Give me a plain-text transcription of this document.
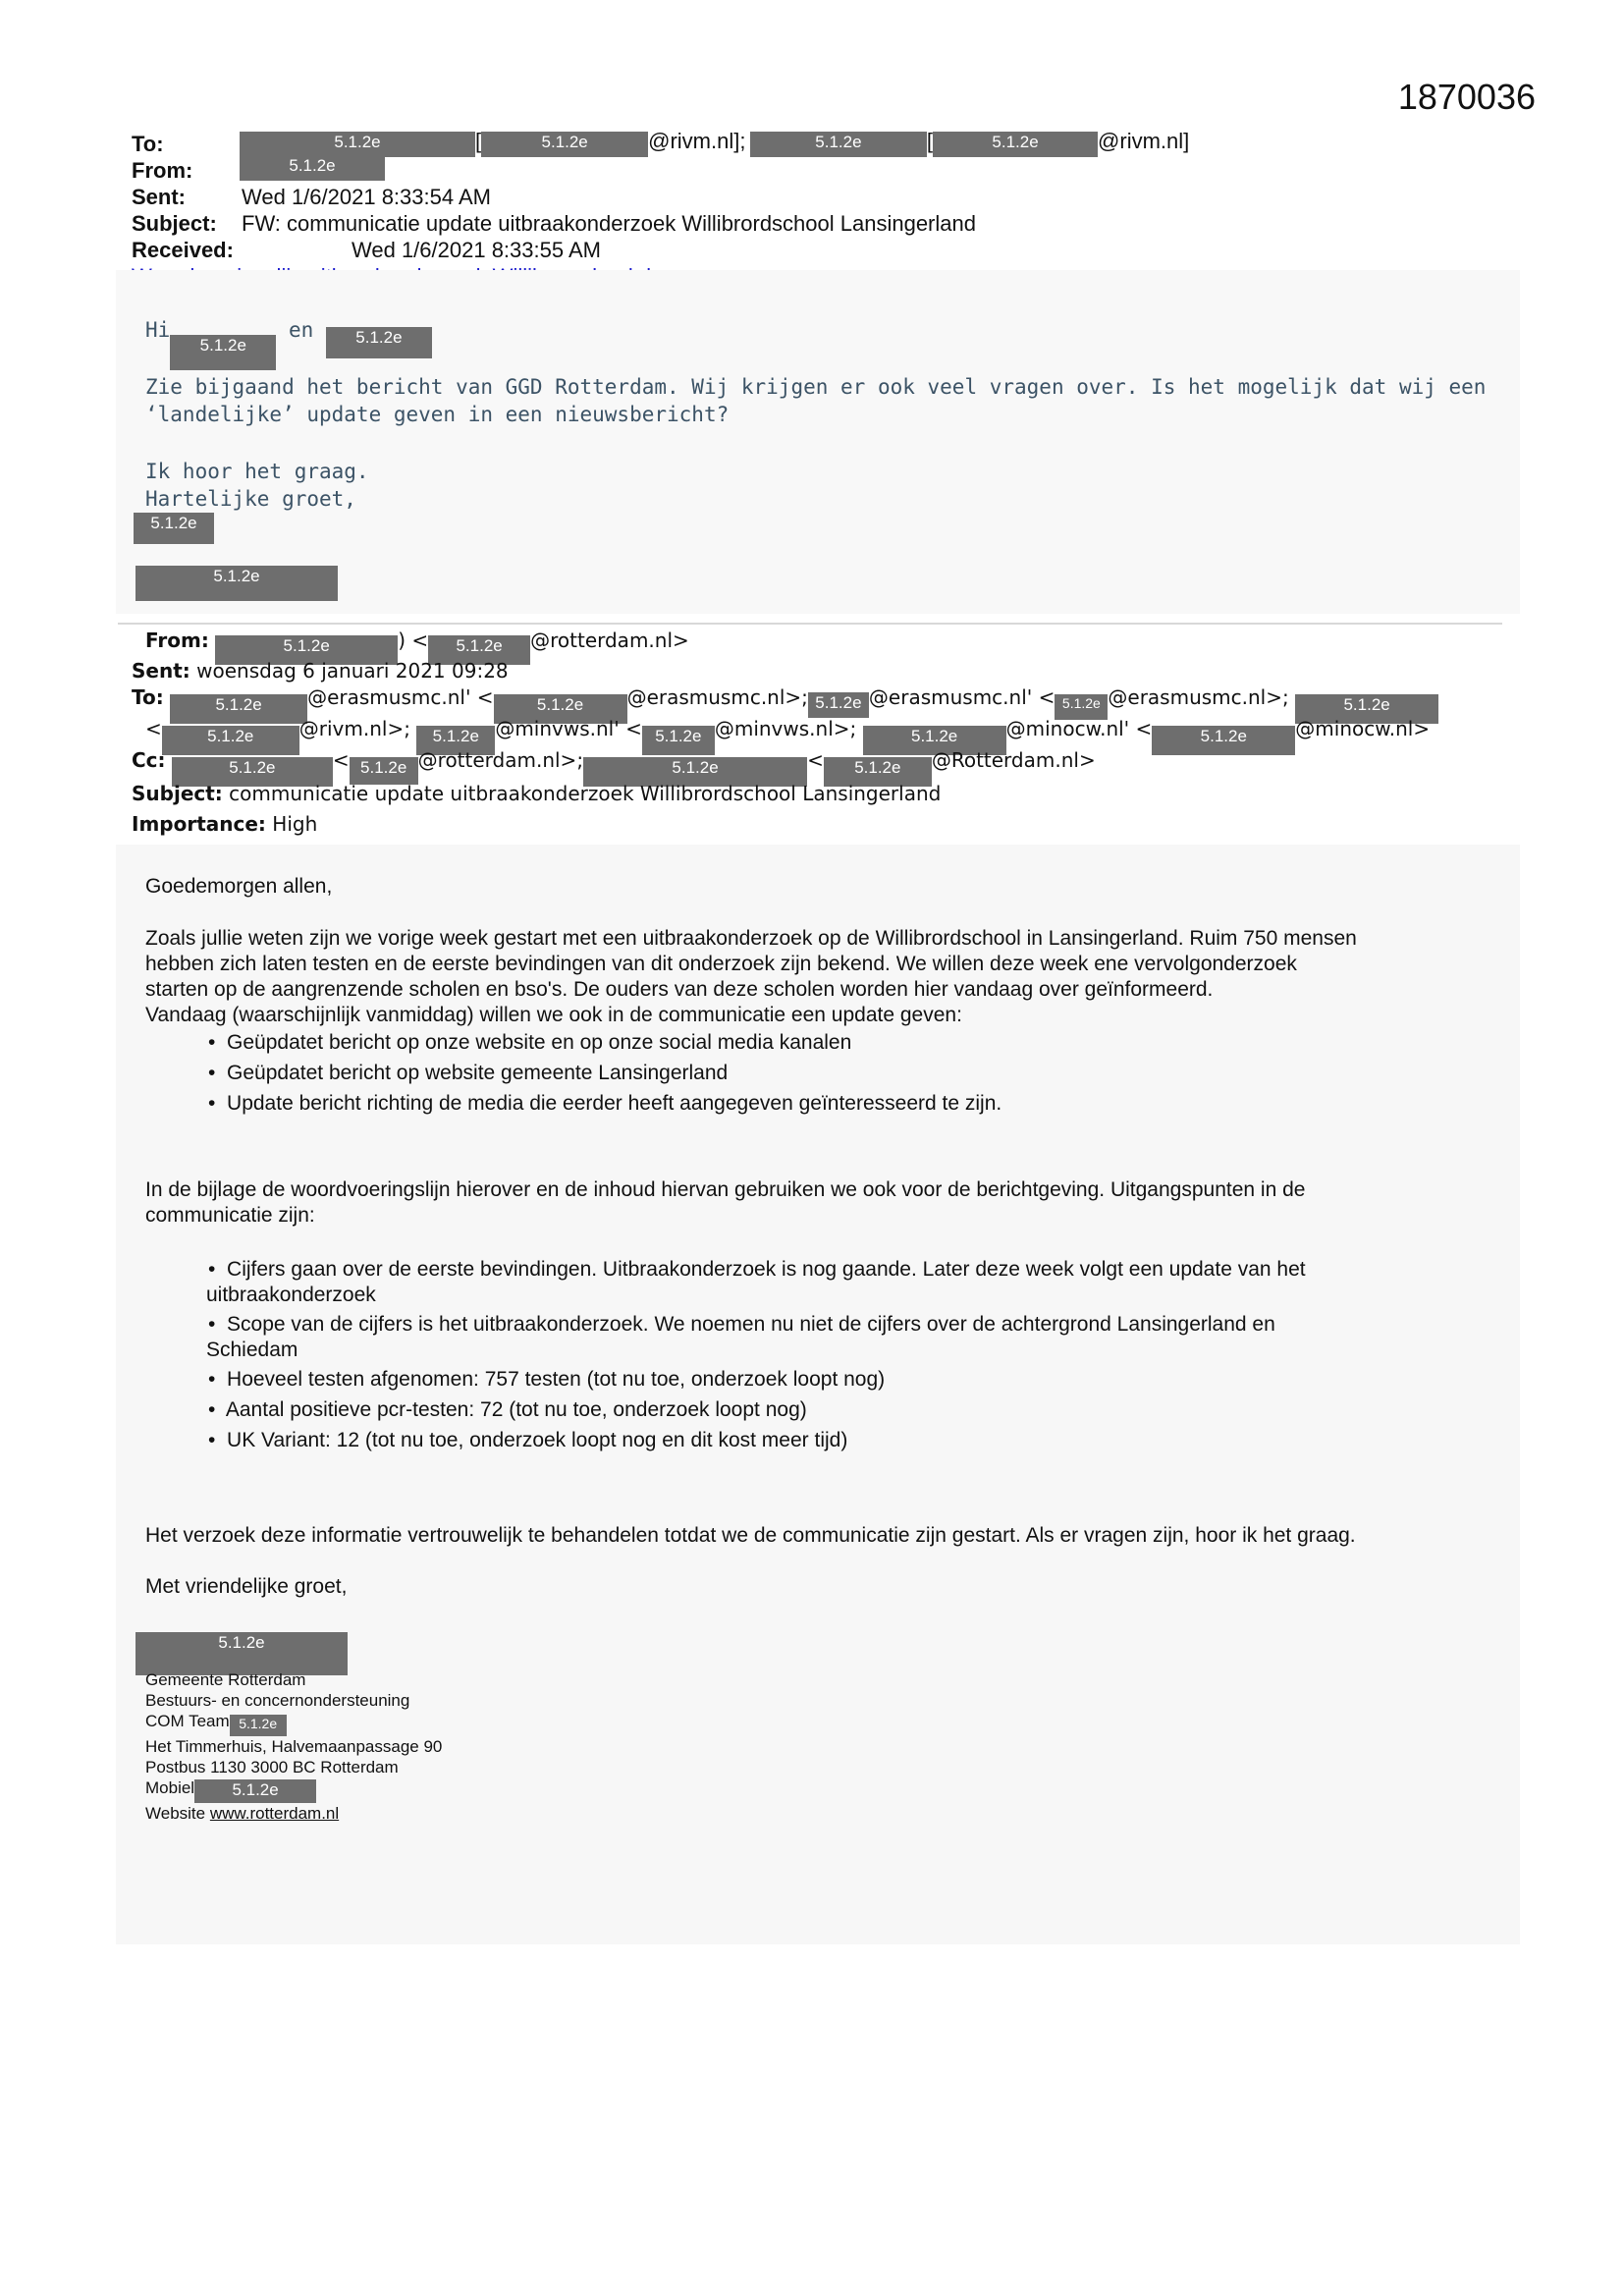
1870036
To:	5.1.2e	[	5.1.2e	@rivm.nl];	5.1.2e	[	5.1.2e	@rivm.nl]
From:	5.1.2e
Sent:	Wed 1/6/2021 8:33:54 AM
Subject: FW: communicatie update uitbraakonderzoek Willibrordschool Lansingerland
Received:	Wed 1/6/2021 8:33:55 AM
Hi5.1.2e en	5.1.2e
Zie bijgaand het bericht van GGD Rotterdam. Wij krijgen er ook veel vragen over. Is het mogelijk dat wij een
‘landelijke’ update geven in een nieuwsbericht?
Ik hoor het graag.
Hartelijke groet,
5.1.2e
5.1.2e
From:	5.1.2e	) < 5.1.2e @rotterdam.nl>
Sent: woensdag 6 januari 2021 09:28
To:	5.1.2e @erasmusmc.nl' <	5.1.2e @erasmusmc.nl>; 5.1.2e @erasmusmc.nl' < 5.1.2e @erasmusmc.nl>;	5.1.2e
<	5.1.2e @rivm.nl>; 5.1.2e @minvws.nl' < 5.1.2e @minvws.nl>;	5.1.2e @minocw.nl' <	5.1.2e @minocw.nl>
Cc:	5.1.2e	< 5.1.2e @rotterdam.nl>;	5.1.2e	< 5.1.2e @Rotterdam.nl>
Subject: communicatie update uitbraakonderzoek Willibrordschool Lansingerland
Importance: High
Goedemorgen allen,
Zoals jullie weten zijn we vorige week gestart met een uitbraakonderzoek op de Willibrordschool in Lansingerland. Ruim 750 mensen
hebben zich laten testen en de eerste bevindingen van dit onderzoek zijn bekend. We willen deze week ene vervolgonderzoek
starten op de aangrenzende scholen en bso's. De ouders van deze scholen worden hier vandaag over geïnformeerd.
Vandaag (waarschijnlijk vanmiddag) willen we ook in de communicatie een update geven:
•  Geüpdatet bericht op onze website en op onze social media kanalen
•  Geüpdatet bericht op website gemeente Lansingerland
•  Update bericht richting de media die eerder heeft aangegeven geïnteresseerd te zijn.
In de bijlage de woordvoeringslijn hierover en de inhoud hiervan gebruiken we ook voor de berichtgeving. Uitgangspunten in de
communicatie zijn:
•  Cijfers gaan over de eerste bevindingen. Uitbraakonderzoek is nog gaande. Later deze week volgt een update van het
uitbraakonderzoek
•  Scope van de cijfers is het uitbraakonderzoek. We noemen nu niet de cijfers over de achtergrond Lansingerland en
Schiedam
•  Hoeveel testen afgenomen: 757 testen (tot nu toe, onderzoek loopt nog)
•  Aantal positieve pcr-testen: 72 (tot nu toe, onderzoek loopt nog)
•  UK Variant: 12 (tot nu toe, onderzoek loopt nog en dit kost meer tijd)
Het verzoek deze informatie vertrouwelijk te behandelen totdat we de communicatie zijn gestart. Als er vragen zijn, hoor ik het graag.
Met vriendelijke groet,
5.1.2e
Gemeente Rotterdam
Bestuurs- en concernondersteuning
COM Team 5.1.2e
Het Timmerhuis, Halvemaanpassage 90
Postbus 1130 3000 BC Rotterdam
Mobiel 5.1.2e
Website www.rotterdam.nl
